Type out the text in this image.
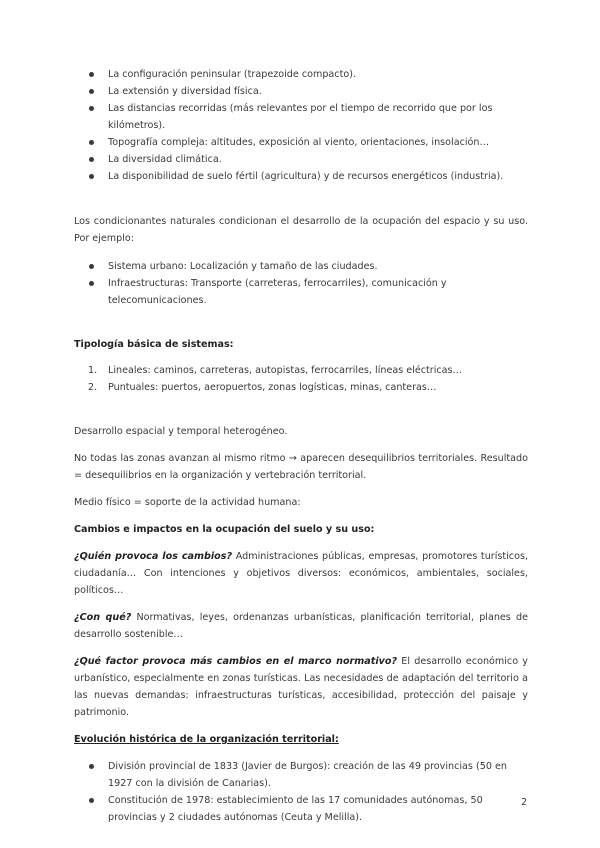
La configuración peninsular (trapezoide compacto).
La extensión y diversidad física.
Las distancias recorridas (más relevantes por el tiempo de recorrido que por los kilómetros).
Topografía compleja: altitudes, exposición al viento, orientaciones, insolación…
La diversidad climática.
La disponibilidad de suelo fértil (agricultura) y de recursos energéticos (industria).

Los condicionantes naturales condicionan el desarrollo de la ocupación del espacio y su uso. Por ejemplo:

Sistema urbano: Localización y tamaño de las ciudades.
Infraestructuras: Transporte (carreteras, ferrocarriles), comunicación y telecomunicaciones.

Tipología básica de sistemas:

1. Lineales: caminos, carreteras, autopistas, ferrocarriles, líneas eléctricas…
2. Puntuales: puertos, aeropuertos, zonas logísticas, minas, canteras…

Desarrollo espacial y temporal heterogéneo.

No todas las zonas avanzan al mismo ritmo → aparecen desequilibrios territoriales. Resultado = desequilibrios en la organización y vertebración territorial.

Medio físico = soporte de la actividad humana:

Cambios e impactos en la ocupación del suelo y su uso:

¿Quién provoca los cambios? Administraciones públicas, empresas, promotores turísticos, ciudadanía… Con intenciones y objetivos diversos: económicos, ambientales, sociales, políticos…

¿Con qué? Normativas, leyes, ordenanzas urbanísticas, planificación territorial, planes de desarrollo sostenible…

¿Qué factor provoca más cambios en el marco normativo? El desarrollo económico y urbanístico, especialmente en zonas turísticas. Las necesidades de adaptación del territorio a las nuevas demandas: infraestructuras turísticas, accesibilidad, protección del paisaje y patrimonio.

Evolución histórica de la organización territorial:

División provincial de 1833 (Javier de Burgos): creación de las 49 provincias (50 en 1927 con la división de Canarias).
Constitución de 1978: establecimiento de las 17 comunidades autónomas, 50 provincias y 2 ciudades autónomas (Ceuta y Melilla).
2
